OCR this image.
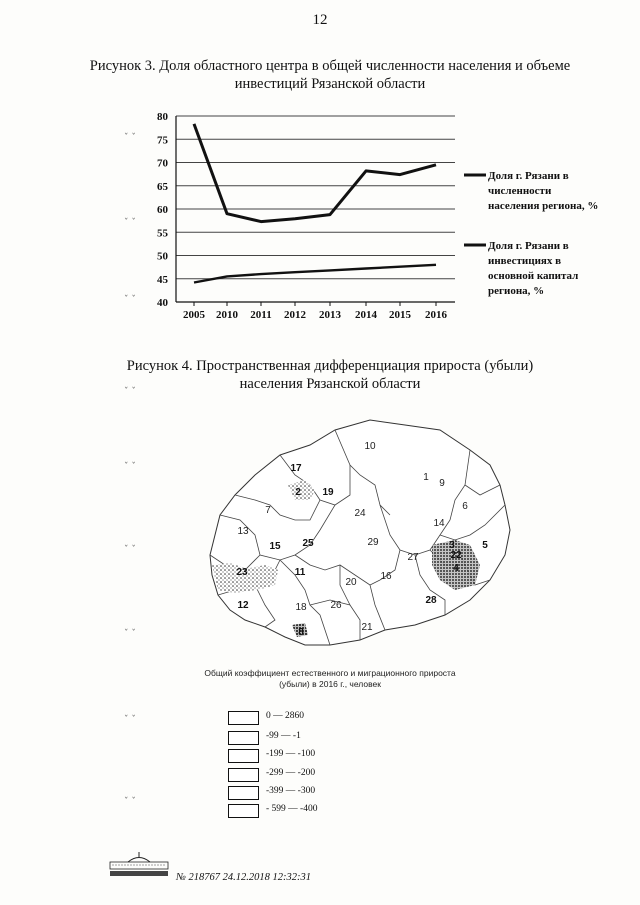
12
Рисунок 3. Доля областного центра в общей численности населения и объеме
инвестиций Рязанской области
40
45
50
55
60
65
70
75
80
2005 2010 2011 2012 2013 2014 2015 2016
Доля г. Рязани в
численности
населения региона, %
Доля г. Рязани в
инвестициях в
основной капитал
региона, %
Рисунок 4. Пространственная дифференциация прироста (убыли)
населения Рязанской области
10
1
9
17
2 19
6
7	24
14
13
15 25	29	3	5
27
4
22
23	11	16
20
12	18 26	28
8	21
Общий коэффициент естественного и миграционного прироста
(убыли) в 2016 г., человек
0 — 2860
-99 — -1
-199 — -100
-299 — -200
-399 — -300
- 599 — -400
№ 218767 24.12.2018 12:32:31
ˇ ˇ
ˇ ˇ
ˇ ˇ
ˇ ˇ
ˇ ˇ
ˇ ˇ
ˇ ˇ
ˇ ˇ
ˇ ˇ
